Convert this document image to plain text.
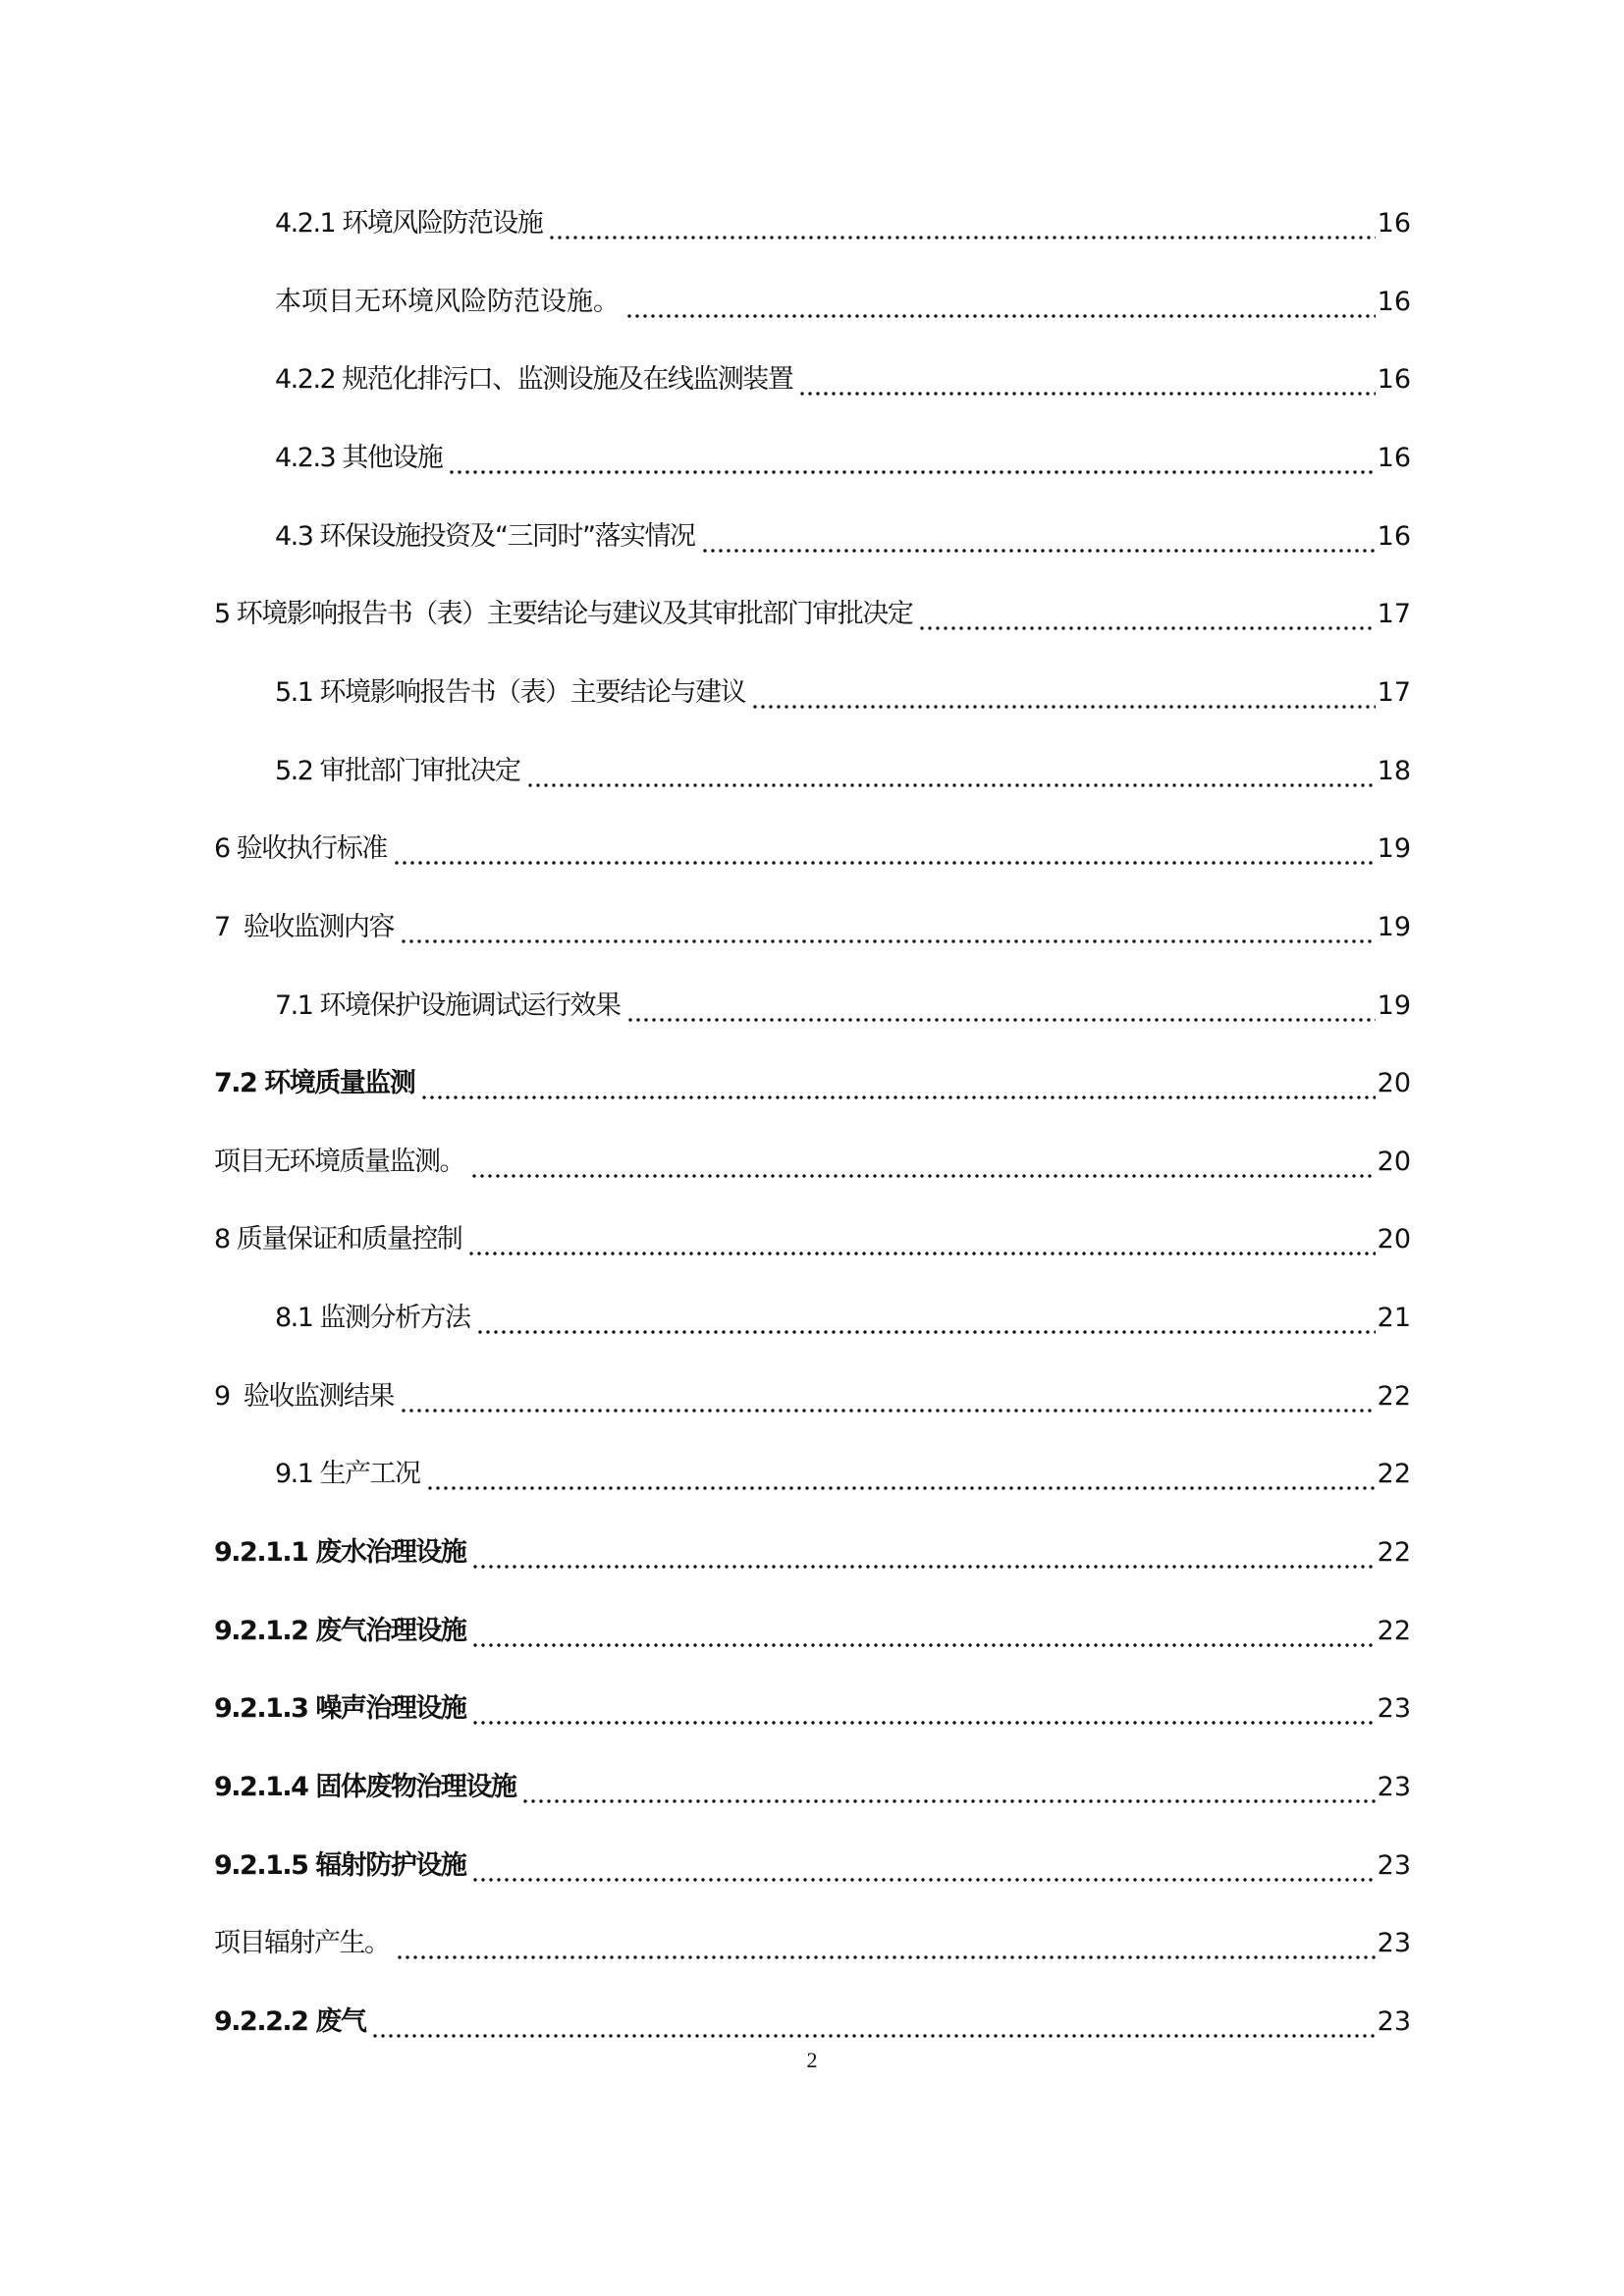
4.2.1 环境风险防范设施	16
本项目无环境风险防范设施。	16
4.2.2 规范化排污口、监测设施及在线监测装置	16
4.2.3 其他设施	16
4.3 环保设施投资及“三同时”落实情况	16
5 环境影响报告书（表）主要结论与建议及其审批部门审批决定	17
5.1 环境影响报告书（表）主要结论与建议	17
5.2 审批部门审批决定	18
6 验收执行标准	19
7  验收监测内容	19
7.1 环境保护设施调试运行效果	19
7.2 环境质量监测	20
项目无环境质量监测。	20
8 质量保证和质量控制	20
8.1 监测分析方法	21
9  验收监测结果	22
9.1 生产工况	22
9.2.1.1 废水治理设施	22
9.2.1.2 废气治理设施	22
9.2.1.3 噪声治理设施	23
9.2.1.4 固体废物治理设施	23
9.2.1.5 辐射防护设施	23
项目辐射产生。	23
9.2.2.2 废气	23
2
